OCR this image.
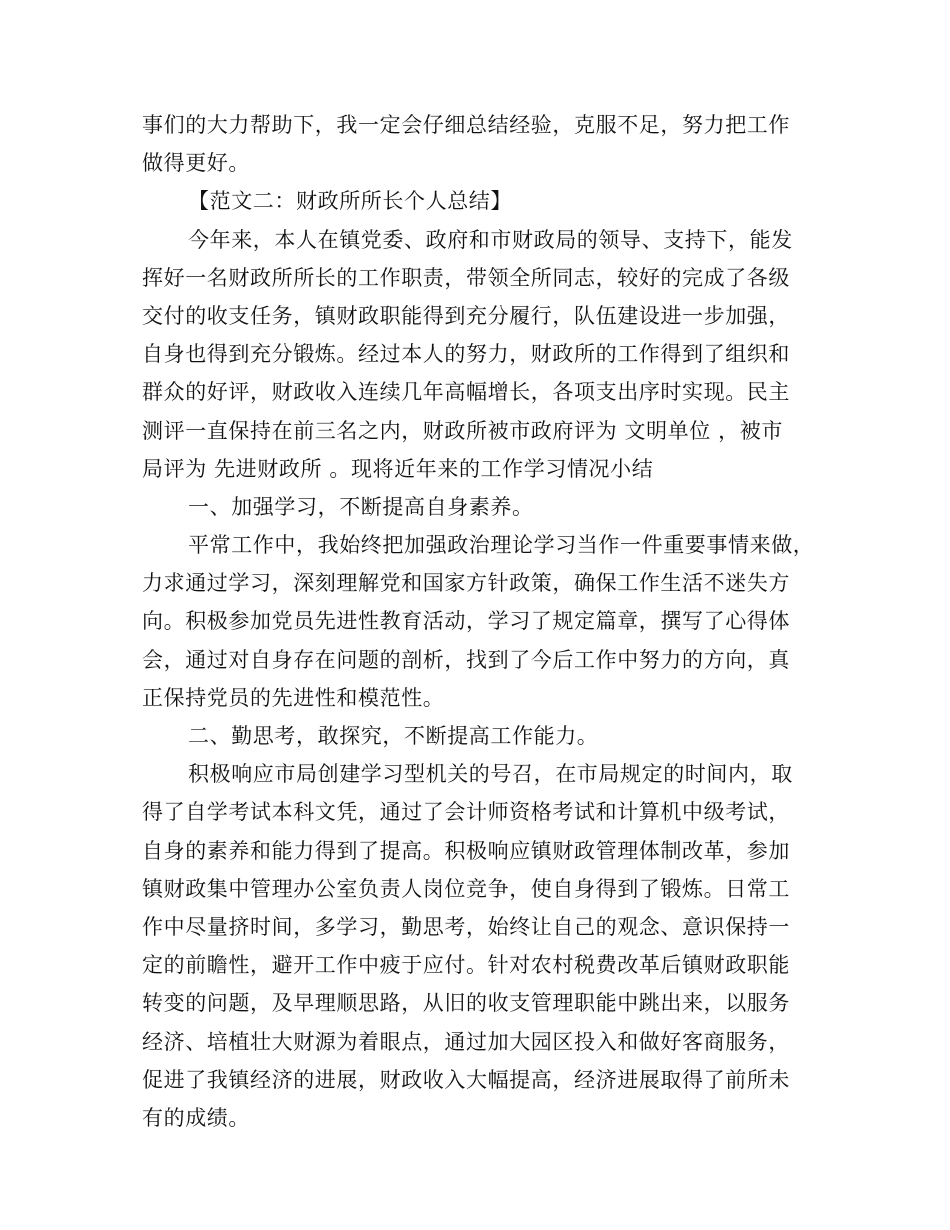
事们的大力帮助下，我一定会仔细总结经验，克服不足，努力把工作
做得更好。
【范文二：财政所所长个人总结】
今年来，本人在镇党委、政府和市财政局的领导、支持下，能发
挥好一名财政所所长的工作职责，带领全所同志，较好的完成了各级
交付的收支任务，镇财政职能得到充分履行，队伍建设进一步加强，
自身也得到充分锻炼。经过本人的努力，财政所的工作得到了组织和
群众的好评，财政收入连续几年高幅增长，各项支出序时实现。民主
测评一直保持在前三名之内，财政所被市政府评为 文明单位 ，被市
局评为 先进财政所 。现将近年来的工作学习情况小结
一、加强学习，不断提高自身素养。
平常工作中，我始终把加强政治理论学习当作一件重要事情来做，
力求通过学习，深刻理解党和国家方针政策，确保工作生活不迷失方
向。积极参加党员先进性教育活动，学习了规定篇章，撰写了心得体
会，通过对自身存在问题的剖析，找到了今后工作中努力的方向，真
正保持党员的先进性和模范性。
二、勤思考，敢探究，不断提高工作能力。
积极响应市局创建学习型机关的号召，在市局规定的时间内，取
得了自学考试本科文凭，通过了会计师资格考试和计算机中级考试，
自身的素养和能力得到了提高。积极响应镇财政管理体制改革，参加
镇财政集中管理办公室负责人岗位竞争，使自身得到了锻炼。日常工
作中尽量挤时间，多学习，勤思考，始终让自己的观念、意识保持一
定的前瞻性，避开工作中疲于应付。针对农村税费改革后镇财政职能
转变的问题，及早理顺思路，从旧的收支管理职能中跳出来，以服务
经济、培植壮大财源为着眼点，通过加大园区投入和做好客商服务，
促进了我镇经济的进展，财政收入大幅提高，经济进展取得了前所未
有的成绩。
